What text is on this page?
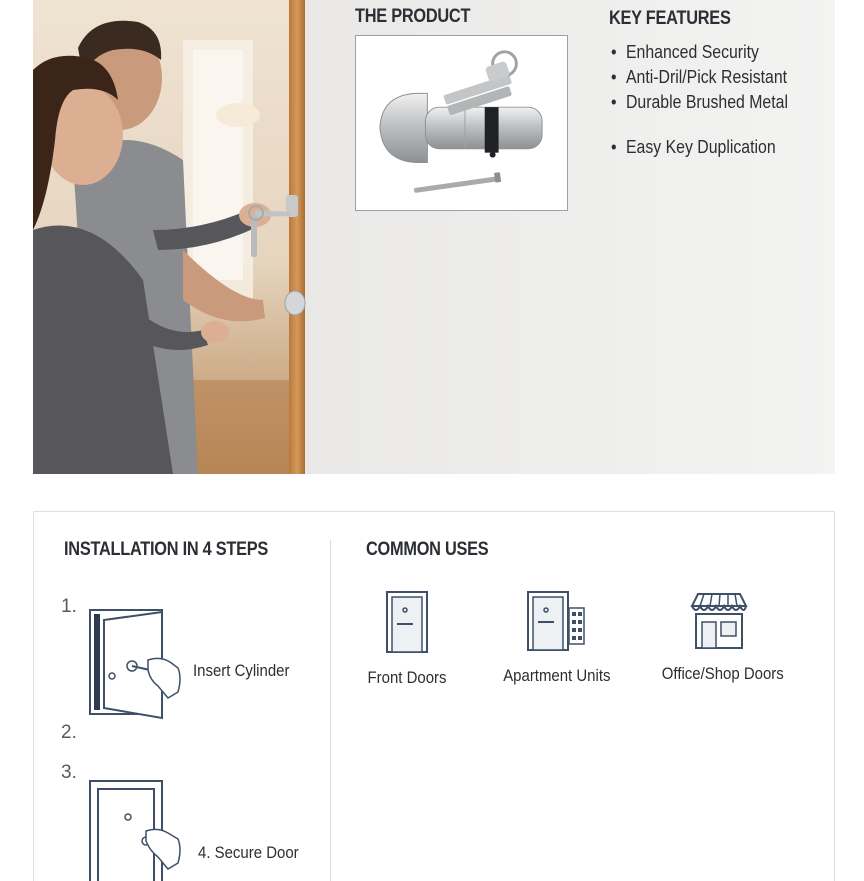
THE PRODUCT	KEY FEATURES
• Enhanced Security
• Anti-Dril/Pick Resistant
• Durable Brushed Metal
• Easy Key Duplication
INSTALLATION IN 4 STEPS
1.
Insert Cylinder
2.
3.
4. Secure Door
COMMON USES
Front Doors	Apartment Units	Office/Shop Doors
